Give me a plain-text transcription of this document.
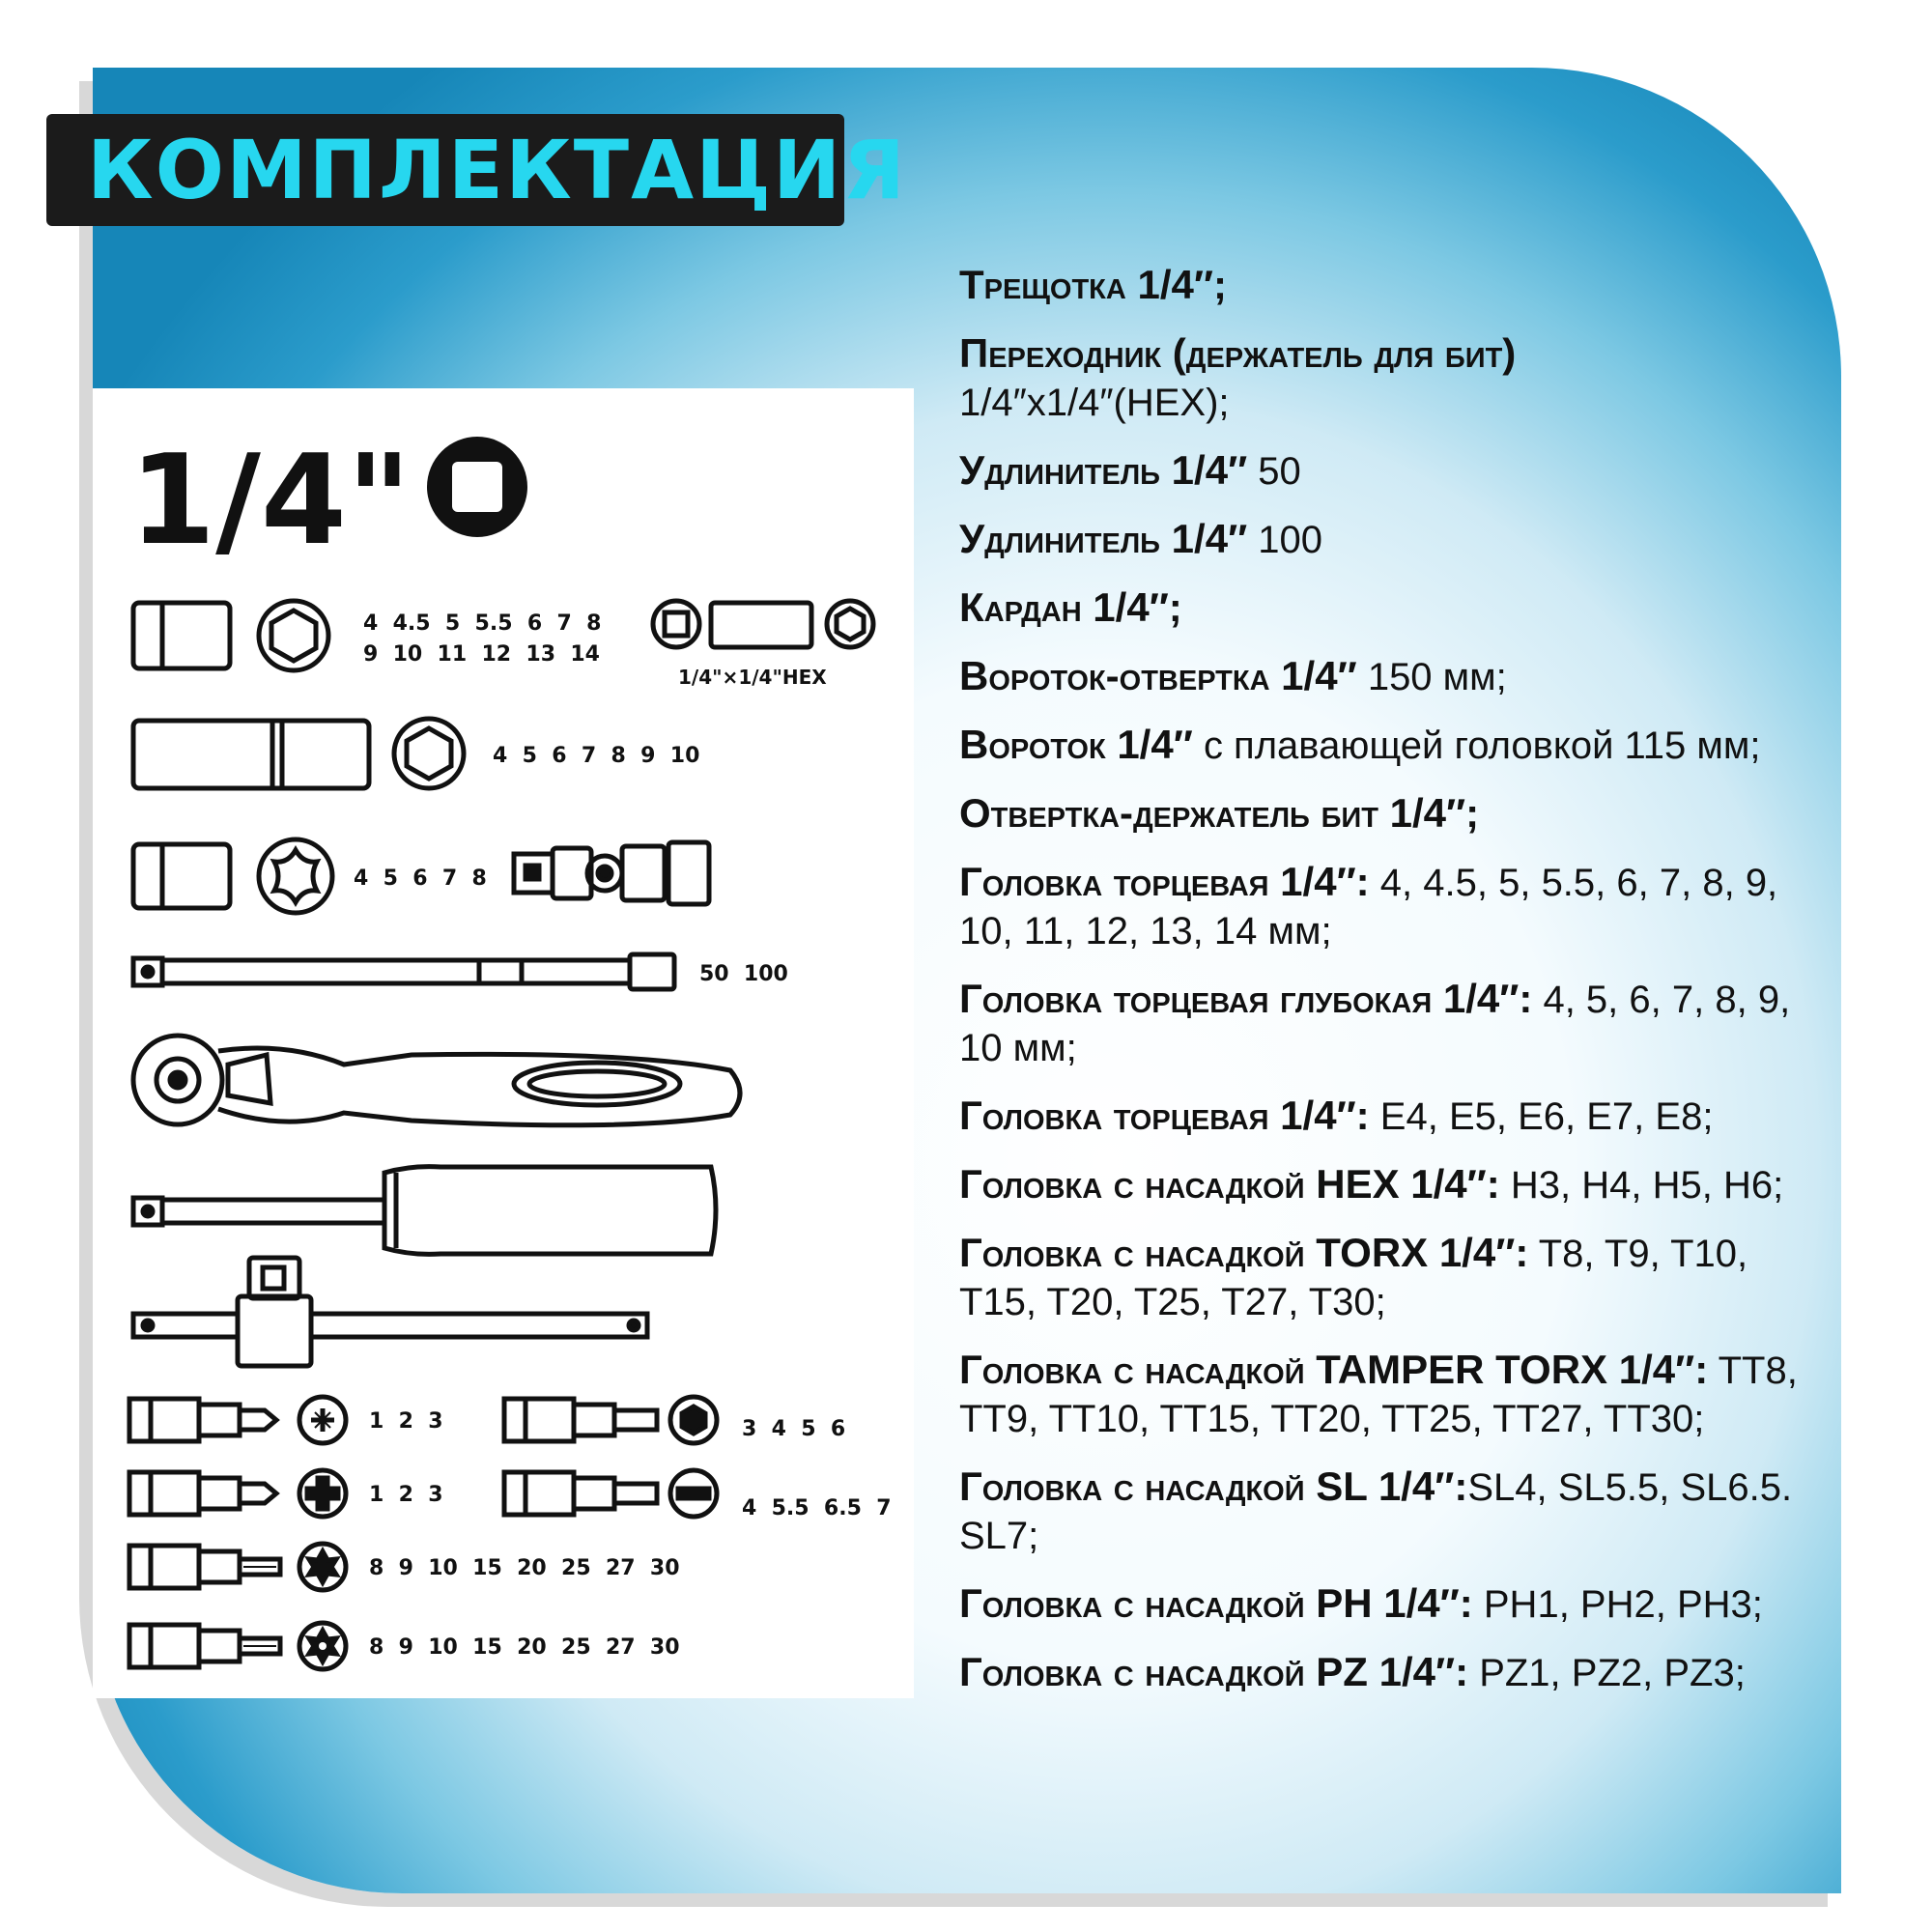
КОМПЛЕКТАЦИЯ
1/4"
4  4.5  5  5.5  6  7  8
9  10  11  12  13  14
1/4"×1/4"HEX
4  5  6  7  8  9  10
4  5  6  7  8
50  100
1  2  3	3  4  5  6
1  2  3
4  5.5  6.5  7
8  9  10  15  20  25  27  30
8  9  10  15  20  25  27  30
Трещотка 1/4″;
Переходник (держатель для бит)
1/4″х1/4″(HEX);
Удлинитель 1/4″ 50
Удлинитель 1/4″ 100
Кардан 1/4″;
Вороток-отвертка 1/4″ 150 мм;
Вороток 1/4″ с плавающей головкой 115 мм;
Отвертка-держатель бит 1/4″;
Головка торцевая 1/4″: 4, 4.5, 5, 5.5, 6, 7, 8, 9, 10, 11, 12, 13, 14 мм;
Головка торцевая глубокая 1/4″: 4, 5, 6, 7, 8, 9, 10 мм;
Головка торцевая 1/4″: E4, E5, E6, E7, E8;
Головка с насадкой HEX 1/4″: H3, H4, H5, H6;
Головка с насадкой TORX 1/4″: T8, T9, T10, T15, T20, T25, T27, T30;
Головка с насадкой TAMPER TORX 1/4″: TT8, TT9, TT10, TT15, TT20, TT25, TT27, TT30;
Головка с насадкой SL 1/4″:SL4, SL5.5, SL6.5. SL7;
Головка с насадкой PH 1/4″: PH1, PH2, PH3;
Головка с насадкой PZ 1/4″: PZ1, PZ2, PZ3;
